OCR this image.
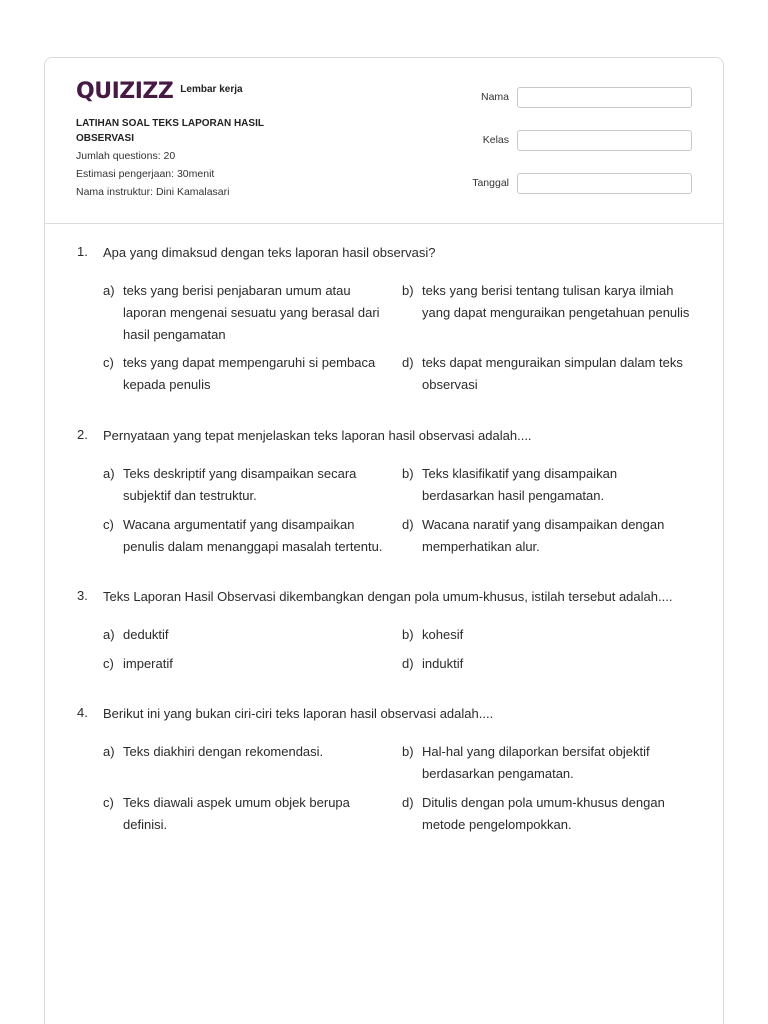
QUIZIZZ Lembar kerja
LATIHAN SOAL TEKS LAPORAN HASIL OBSERVASI
Jumlah questions: 20
Estimasi pengerjaan: 30menit
Nama instruktur: Dini Kamalasari
Nama
Kelas
Tanggal
1. Apa yang dimaksud dengan teks laporan hasil observasi?
a) teks yang berisi penjabaran umum atau laporan mengenai sesuatu yang berasal dari hasil pengamatan
b) teks yang berisi tentang tulisan karya ilmiah yang dapat menguraikan pengetahuan penulis
c) teks yang dapat mempengaruhi si pembaca kepada penulis
d) teks dapat menguraikan simpulan dalam teks observasi
2. Pernyataan yang tepat menjelaskan teks laporan hasil observasi adalah....
a) Teks deskriptif yang disampaikan secara subjektif dan testruktur.
b) Teks klasifikatif yang disampaikan berdasarkan hasil pengamatan.
c) Wacana argumentatif yang disampaikan penulis dalam menanggapi masalah tertentu.
d) Wacana naratif yang disampaikan dengan memperhatikan alur.
3. Teks Laporan Hasil Observasi dikembangkan dengan pola umum-khusus, istilah tersebut adalah....
a) deduktif	b) kohesif
c) imperatif	d) induktif
4. Berikut ini yang bukan ciri-ciri teks laporan hasil observasi adalah....
a) Teks diakhiri dengan rekomendasi.	b) Hal-hal yang dilaporkan bersifat objektif berdasarkan pengamatan.
c) Teks diawali aspek umum objek berupa definisi.
d) Ditulis dengan pola umum-khusus dengan metode pengelompokkan.
